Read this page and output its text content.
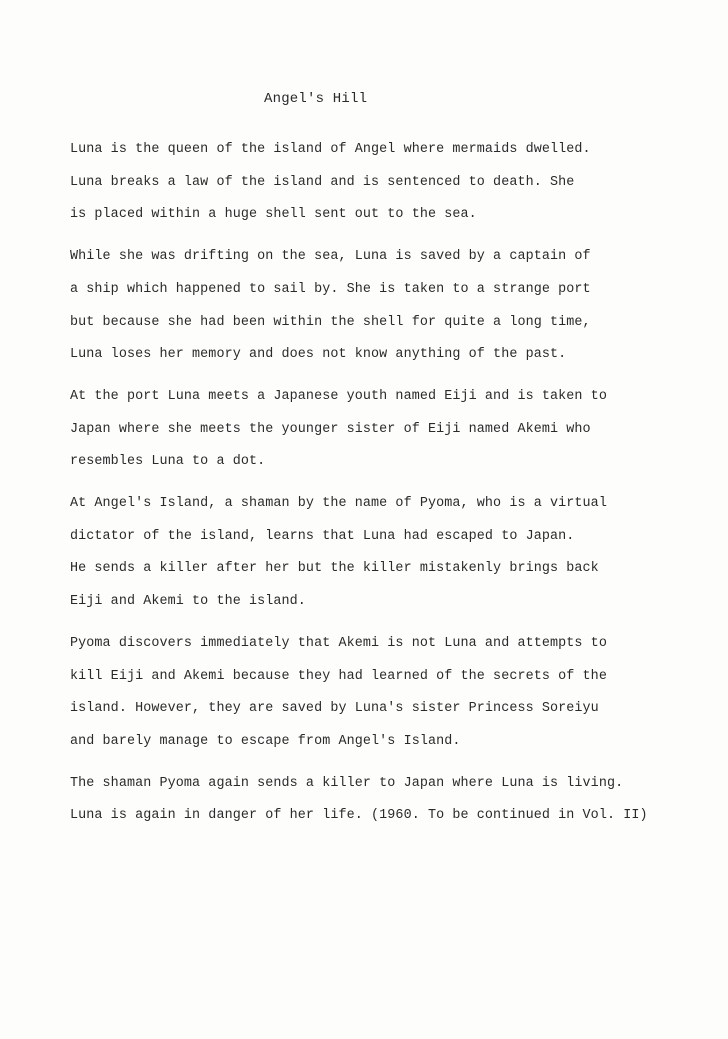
Angel's Hill
Luna is the queen of the island of Angel where mermaids dwelled.
Luna breaks a law of the island and is sentenced to death. She
is placed within a huge shell sent out to the sea.
While she was drifting on the sea, Luna is saved by a captain of
a ship which happened to sail by. She is taken to a strange port
but because she had been within the shell for quite a long time,
Luna loses her memory and does not know anything of the past.
At the port Luna meets a Japanese youth named Eiji and is taken to
Japan where she meets the younger sister of Eiji named Akemi who
resembles Luna to a dot.
At Angel's Island, a shaman by the name of Pyoma, who is a virtual
dictator of the island, learns that Luna had escaped to Japan.
He sends a killer after her but the killer mistakenly brings back
Eiji and Akemi to the island.
Pyoma discovers immediately that Akemi is not Luna and attempts to
kill Eiji and Akemi because they had learned of the secrets of the
island. However, they are saved by Luna's sister Princess Soreiyu
and barely manage to escape from Angel's Island.
The shaman Pyoma again sends a killer to Japan where Luna is living.
Luna is again in danger of her life. (1960. To be continued in Vol. II)
